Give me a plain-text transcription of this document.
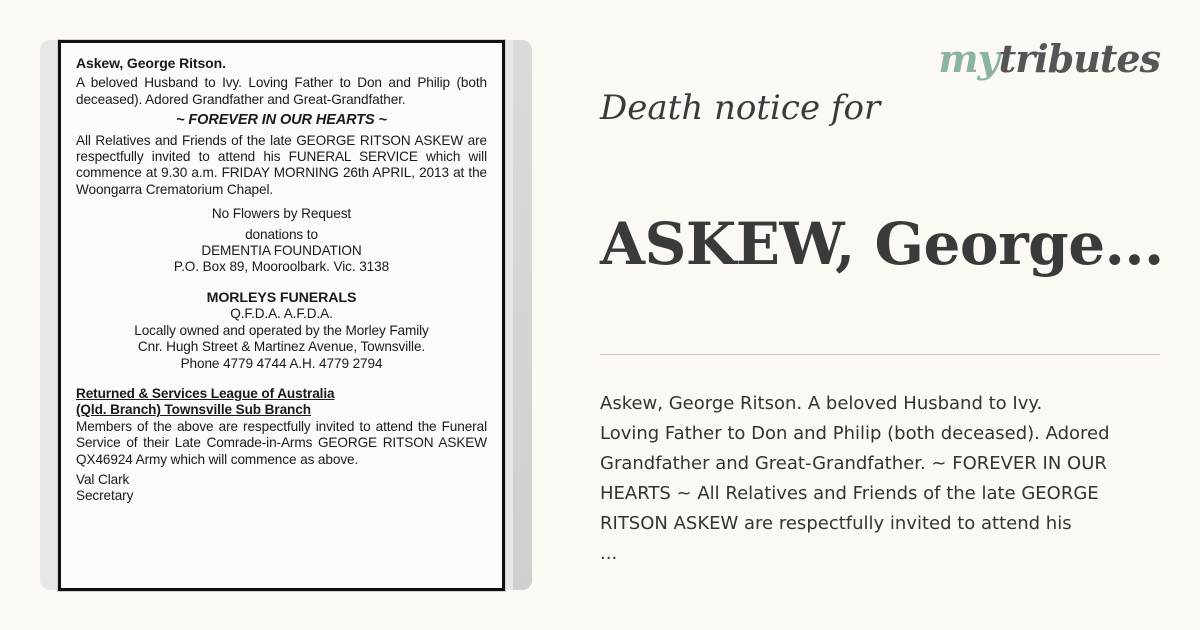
Askew, George Ritson.

A beloved Husband to Ivy. Loving Father to Don and Philip (both deceased). Adored Grandfather and Great-Grandfather.

~ FOREVER IN OUR HEARTS ~

All Relatives and Friends of the late GEORGE RITSON ASKEW are respectfully invited to attend his FUNERAL SERVICE which will commence at 9.30 a.m. FRIDAY MORNING 26th APRIL, 2013 at the Woongarra Crematorium Chapel.

No Flowers by Request

donations to

DEMENTIA FOUNDATION

P.O. Box 89, Mooroolbark. Vic. 3138

MORLEYS FUNERALS

Q.F.D.A. A.F.D.A.

Locally owned and operated by the Morley Family

Cnr. Hugh Street & Martinez Avenue, Townsville.

Phone 4779 4744 A.H. 4779 2794

Returned & Services League of Australia

(Qld. Branch) Townsville Sub Branch

Members of the above are respectfully invited to attend the Funeral Service of their Late Comrade-in-Arms GEORGE RITSON ASKEW QX46924 Army which will commence as above.

Val Clark

Secretary

mytributes
Death notice for
ASKEW, George...
Askew, George Ritson. A beloved Husband to Ivy.
Loving Father to Don and Philip (both deceased). Adored
Grandfather and Great-Grandfather. ~ FOREVER IN OUR
HEARTS ~ All Relatives and Friends of the late GEORGE
RITSON ASKEW are respectfully invited to attend his
...
